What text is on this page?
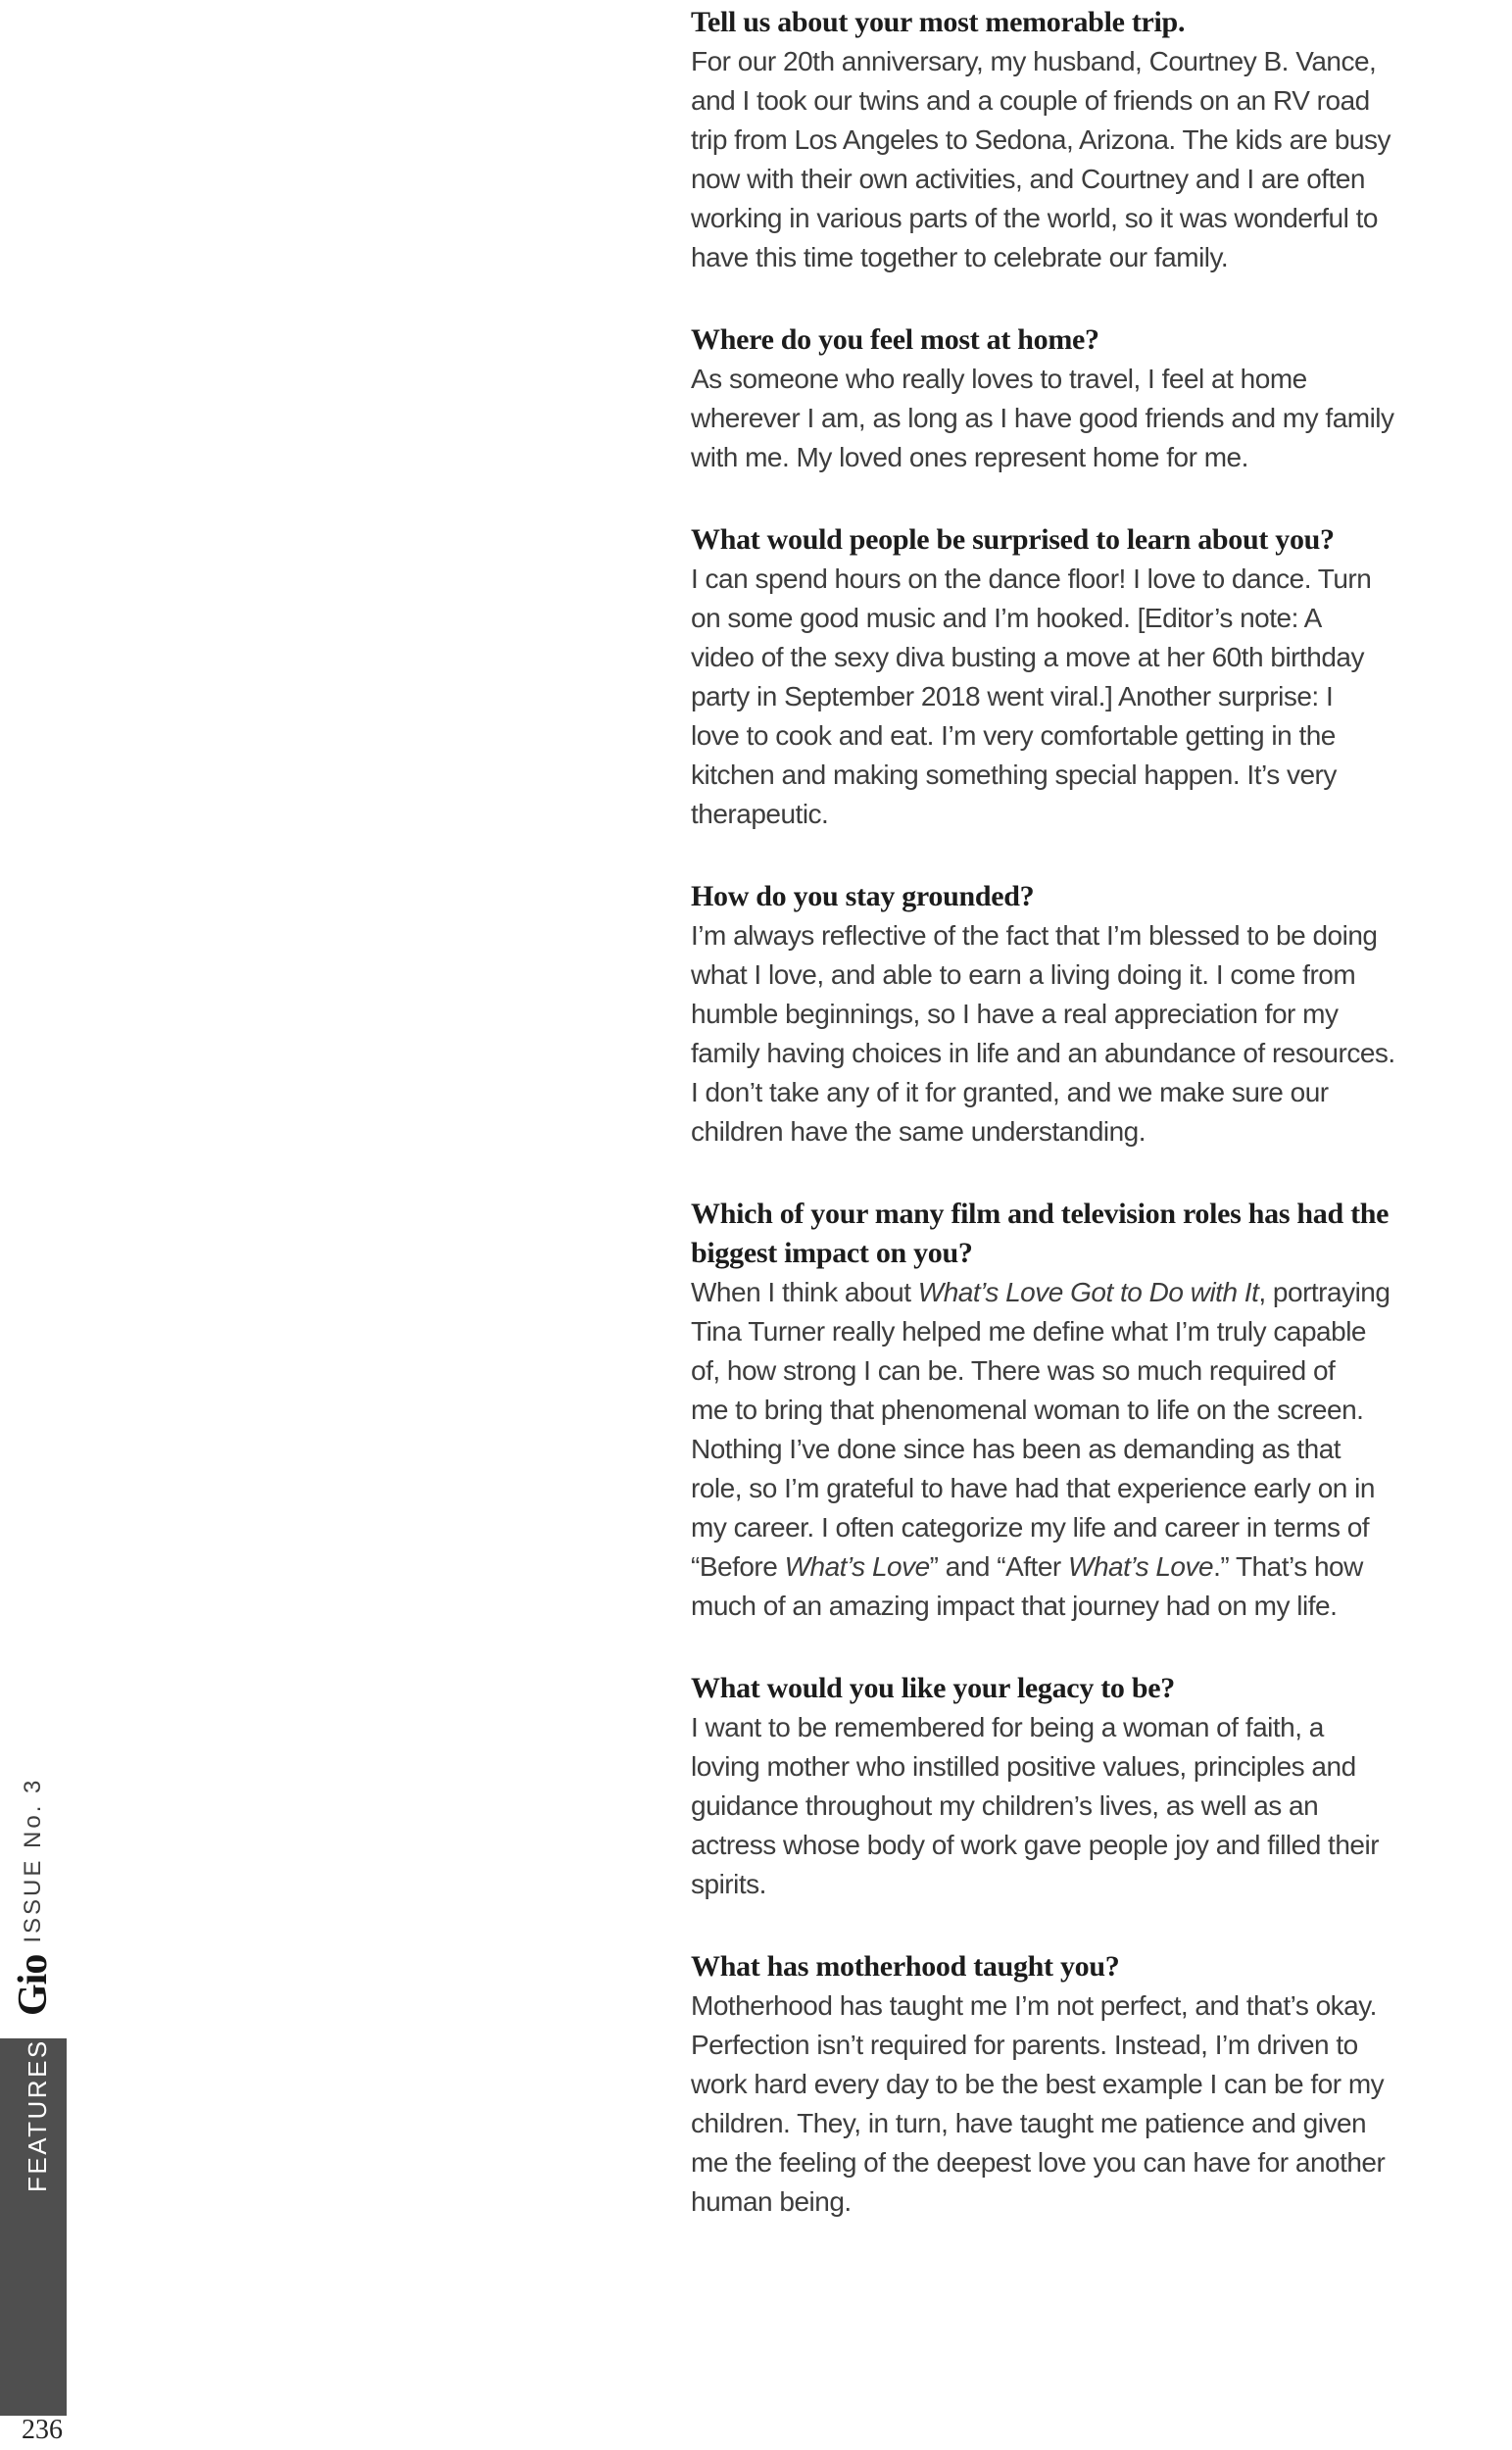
Tell us about your most memorable trip.
For our 20th anniversary, my husband, Courtney B. Vance,
and I took our twins and a couple of friends on an RV road
trip from Los Angeles to Sedona, Arizona. The kids are busy
now with their own activities, and Courtney and I are often
working in various parts of the world, so it was wonderful to
have this time together to celebrate our family.
Where do you feel most at home?
As someone who really loves to travel, I feel at home
wherever I am, as long as I have good friends and my family
with me. My loved ones represent home for me.
What would people be surprised to learn about you?
I can spend hours on the dance floor! I love to dance. Turn
on some good music and I’m hooked. [Editor’s note: A
video of the sexy diva busting a move at her 60th birthday
party in September 2018 went viral.] Another surprise: I
love to cook and eat. I’m very comfortable getting in the
kitchen and making something special happen. It’s very
therapeutic.
How do you stay grounded?
I’m always reflective of the fact that I’m blessed to be doing
what I love, and able to earn a living doing it. I come from
humble beginnings, so I have a real appreciation for my
family having choices in life and an abundance of resources.
I don’t take any of it for granted, and we make sure our
children have the same understanding.
Which of your many film and television roles has had the
biggest impact on you?
When I think about What’s Love Got to Do with It, portraying
Tina Turner really helped me define what I’m truly capable
of, how strong I can be. There was so much required of
me to bring that phenomenal woman to life on the screen.
Nothing I’ve done since has been as demanding as that
role, so I’m grateful to have had that experience early on in
my career. I often categorize my life and career in terms of
“Before What’s Love” and “After What’s Love.” That’s how
much of an amazing impact that journey had on my life.
What would you like your legacy to be?
I want to be remembered for being a woman of faith, a
loving mother who instilled positive values, principles and
guidance throughout my children’s lives, as well as an
actress whose body of work gave people joy and filled their
spirits.
What has motherhood taught you?
Motherhood has taught me I’m not perfect, and that’s okay.
Perfection isn’t required for parents. Instead, I’m driven to
work hard every day to be the best example I can be for my
children. They, in turn, have taught me patience and given
me the feeling of the deepest love you can have for another
human being.
Gio
ISSUE No. 3
FEATURES
236
